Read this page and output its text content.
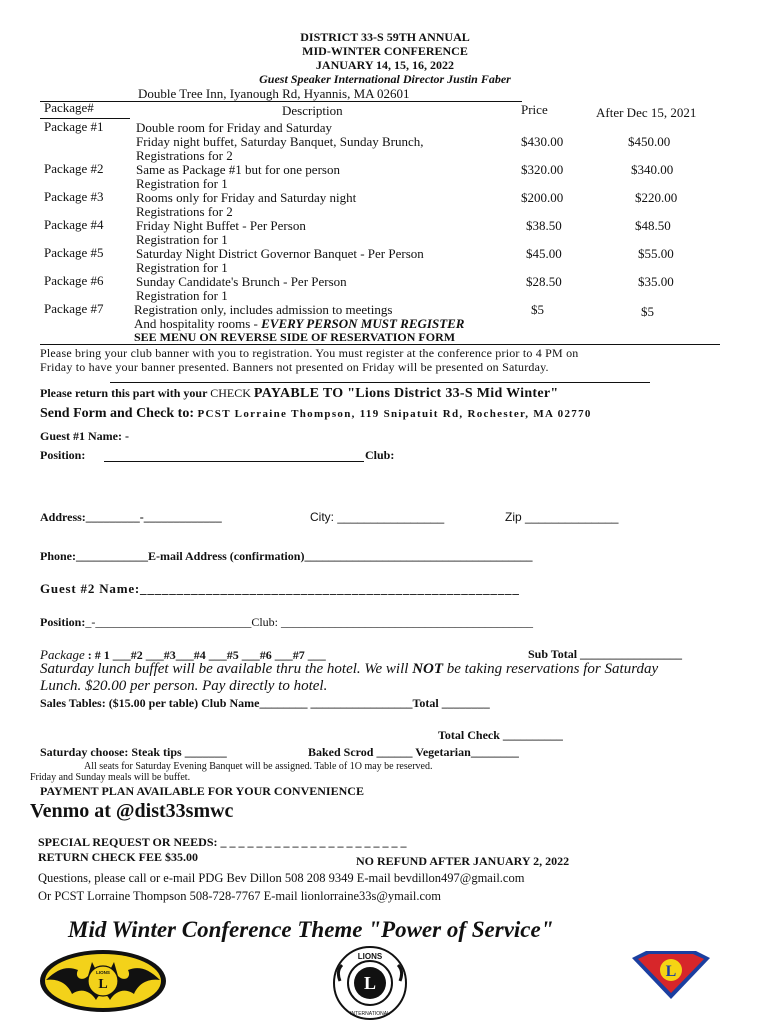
DISTRICT 33-S 59TH ANNUAL
MID-WINTER CONFERENCE
JANUARY 14, 15, 16, 2022
Guest Speaker International Director Justin Faber
Double Tree Inn, Iyanough Rd, Hyannis, MA 02601
Package#	Description	Price	After Dec 15, 2021
Package #1 Double room for Friday and Saturday
Friday night buffet, Saturday Banquet, Sunday Brunch,
Registrations for 2
$430.00	$450.00
Package #2 Same as Package #1 but for one person
Registration for 1
$320.00	$340.00
Package #3 Rooms only for Friday and Saturday night
Registrations for 2
$200.00	$220.00
Package #4 Friday Night Buffet - Per Person
Registration for 1
$38.50	$48.50
Package #5 Saturday Night District Governor Banquet - Per Person
Registration for 1
$45.00	$55.00
Package #6 Sunday Candidate's Brunch - Per Person
Registration for 1
$28.50	$35.00
Package #7 Registration only, includes admission to meetings
And hospitality rooms - EVERY PERSON MUST REGISTER
$5	$5
SEE MENU ON REVERSE SIDE OF RESERVATION FORM
Please bring your club banner with you to registration. You must register at the conference prior to 4 PM on
Friday to have your banner presented. Banners not presented on Friday will be presented on Saturday.
Please return this part with your CHECK PAYABLE TO "Lions District 33-S Mid Winter"
Send Form and Check to: PCST Lorraine Thompson, 119 Snipatuit Rd, Rochester, MA 02770
Guest #1 Name: -
Position:	Club:
Address:_________-_____________	City: ________________	Zip ______________
Phone:____________E-mail Address (confirmation)______________________________________
Guest #2 Name:____________________________________________________
Position:_-__________________________Club: __________________________________________
Package : # 1 ___#2 ___#3___#4 ___#5 ___#6 ___#7 ___	Sub Total _________________
Saturday lunch buffet will be available thru the hotel. We will NOT be taking reservations for Saturday
Lunch. $20.00 per person. Pay directly to hotel.
Sales Tables: ($15.00 per table) Club Name________ _________________Total ________
Total Check __________
Saturday choose: Steak tips _______	Baked Scrod ______ Vegetarian________
All seats for Saturday Evening Banquet will be assigned. Table of 1O may be reserved.
Friday and Sunday meals will be buffet.
PAYMENT PLAN AVAILABLE FOR YOUR CONVENIENCE
Venmo at @dist33smwc
SPECIAL REQUEST OR NEEDS: _ _ _ _ _ _ _ _ _ _ _ _ _ _ _ _ _ _ _ _ _
RETURN CHECK FEE $35.00	NO REFUND AFTER JANUARY 2, 2022
Questions, please call or e-mail PDG Bev Dillon 508 208 9349 E-mail bevdillon497@gmail.com
Or PCST Lorraine Thompson 508-728-7767 E-mail lionlorraine33s@ymail.com
Mid Winter Conference Theme "Power of Service"
LIONS
L	L
LIONS
INTERNATIONAL
L
